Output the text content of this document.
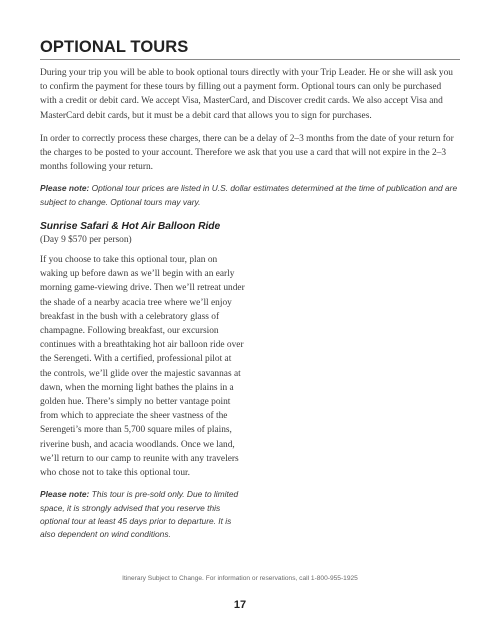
OPTIONAL TOURS

During your trip you will be able to book optional tours directly with your Trip Leader. He or she will ask you to confirm the payment for these tours by filling out a payment form. Optional tours can only be purchased with a credit or debit card. We accept Visa, MasterCard, and Discover credit cards. We also accept Visa and MasterCard debit cards, but it must be a debit card that allows you to sign for purchases.

In order to correctly process these charges, there can be a delay of 2–3 months from the date of your return for the charges to be posted to your account. Therefore we ask that you use a card that will not expire in the 2–3 months following your return.

Please note: Optional tour prices are listed in U.S. dollar estimates determined at the time of publication and are subject to change. Optional tours may vary.

Sunrise Safari & Hot Air Balloon Ride

(Day 9 $570 per person)

If you choose to take this optional tour, plan on waking up before dawn as we’ll begin with an early morning game-viewing drive. Then we’ll retreat under the shade of a nearby acacia tree where we’ll enjoy breakfast in the bush with a celebratory glass of champagne. Following breakfast, our excursion continues with a breathtaking hot air balloon ride over the Serengeti. With a certified, professional pilot at the controls, we’ll glide over the majestic savannas at dawn, when the morning light bathes the plains in a golden hue. There’s simply no better vantage point from which to appreciate the sheer vastness of the Serengeti’s more than 5,700 square miles of plains, riverine bush, and acacia woodlands. Once we land, we’ll return to our camp to reunite with any travelers who chose not to take this optional tour.

Please note: This tour is pre-sold only. Due to limited space, it is strongly advised that you reserve this optional tour at least 45 days prior to departure. It is also dependent on wind conditions.

Itinerary Subject to Change. For information or reservations, call 1-800-955-1925
17
